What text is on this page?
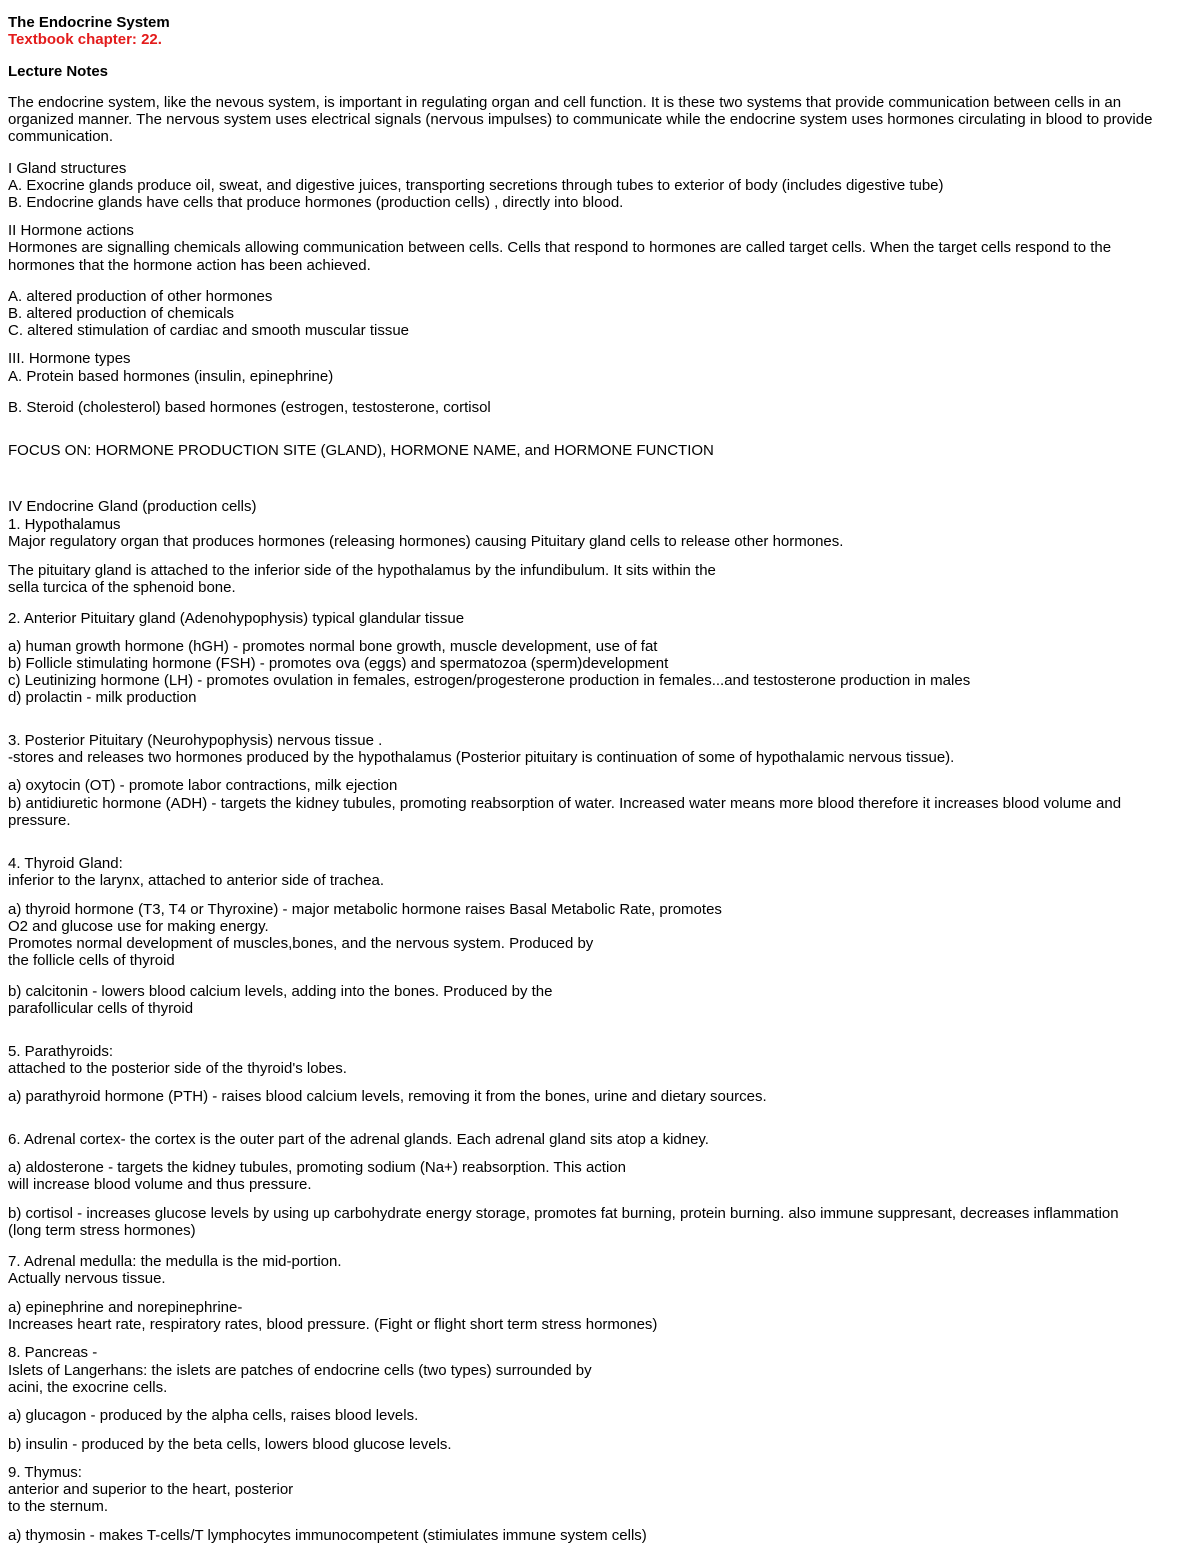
The Endocrine System
Textbook chapter: 22.
Lecture Notes
The endocrine system, like the nevous system, is important in regulating organ and cell function. It is these two systems that provide communication between cells in an
organized manner. The nervous system uses electrical signals (nervous impulses) to communicate while the endocrine system uses hormones circulating in blood to provide
communication.
I Gland structures
A. Exocrine glands produce oil, sweat, and digestive juices, transporting secretions through tubes to exterior of body (includes digestive tube)
B. Endocrine glands have cells that produce hormones (production cells) , directly into blood.
II Hormone actions
Hormones are signalling chemicals allowing communication between cells. Cells that respond to hormones are called target cells. When the target cells respond to the
hormones that the hormone action has been achieved.
A. altered production of other hormones
B. altered production of chemicals
C. altered stimulation of cardiac and smooth muscular tissue
III. Hormone types
A. Protein based hormones (insulin, epinephrine)
B. Steroid (cholesterol) based hormones (estrogen, testosterone, cortisol
FOCUS ON: HORMONE PRODUCTION SITE (GLAND), HORMONE NAME, and HORMONE FUNCTION
IV Endocrine Gland (production cells)
1. Hypothalamus
Major regulatory organ that produces hormones (releasing hormones) causing Pituitary gland cells to release other hormones.
The pituitary gland is attached to the inferior side of the hypothalamus by the infundibulum. It sits within the
sella turcica of the sphenoid bone.
2. Anterior Pituitary gland (Adenohypophysis) typical glandular tissue
a) human growth hormone (hGH) - promotes normal bone growth, muscle development, use of fat
b) Follicle stimulating hormone (FSH) - promotes ova (eggs) and spermatozoa (sperm)development
c) Leutinizing hormone (LH) - promotes ovulation in females, estrogen/progesterone production in females...and testosterone production in males
d) prolactin - milk production
3. Posterior Pituitary (Neurohypophysis) nervous tissue .
-stores and releases two hormones produced by the hypothalamus (Posterior pituitary is continuation of some of hypothalamic nervous tissue).
a) oxytocin (OT) - promote labor contractions, milk ejection
b) antidiuretic hormone (ADH) - targets the kidney tubules, promoting reabsorption of water. Increased water means more blood therefore it increases blood volume and
pressure.
4. Thyroid Gland:
inferior to the larynx, attached to anterior side of trachea.
a) thyroid hormone (T3, T4 or Thyroxine) - major metabolic hormone raises Basal Metabolic Rate, promotes
O2 and glucose use for making energy.
Promotes normal development of muscles,bones, and the nervous system. Produced by
the follicle cells of thyroid
b) calcitonin - lowers blood calcium levels, adding into the bones. Produced by the
parafollicular cells of thyroid
5. Parathyroids:
attached to the posterior side of the thyroid's lobes.
a) parathyroid hormone (PTH) - raises blood calcium levels, removing it from the bones, urine and dietary sources.
6. Adrenal cortex- the cortex is the outer part of the adrenal glands. Each adrenal gland sits atop a kidney.
a) aldosterone - targets the kidney tubules, promoting sodium (Na+) reabsorption. This action
will increase blood volume and thus pressure.
b) cortisol - increases glucose levels by using up carbohydrate energy storage, promotes fat burning, protein burning. also immune suppresant, decreases inflammation
(long term stress hormones)
7. Adrenal medulla: the medulla is the mid-portion.
Actually nervous tissue.
a) epinephrine and norepinephrine-
Increases heart rate, respiratory rates, blood pressure. (Fight or flight short term stress hormones)
8. Pancreas -
Islets of Langerhans: the islets are patches of endocrine cells (two types) surrounded by
acini, the exocrine cells.
a) glucagon - produced by the alpha cells, raises blood levels.
b) insulin - produced by the beta cells, lowers blood glucose levels.
9. Thymus:
anterior and superior to the heart, posterior
to the sternum.
a) thymosin - makes T-cells/T lymphocytes immunocompetent (stimiulates immune system cells)
